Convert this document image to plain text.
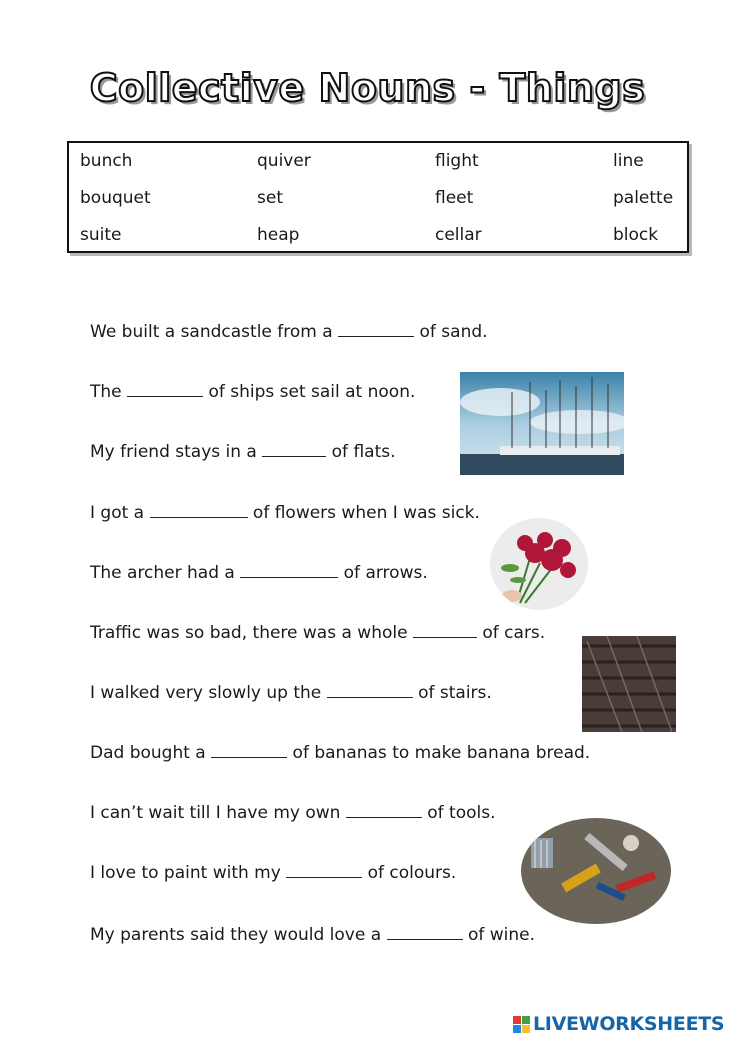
Collective Nouns - Things
bunch	quiver	flight	line
bouquet	set	fleet	palette
suite	heap	cellar	block
We built a sandcastle from a	of sand.
The	of ships set sail at noon.
My friend stays in a	of flats.
I got a	of flowers when I was sick.
The archer had a	of arrows.
Traffic was so bad, there was a whole	of cars.
I walked very slowly up the	of stairs.
Dad bought a	of bananas to make banana bread.
I can’t wait till I have my own	of tools.
I love to paint with my	of colours.
My parents said they would love a	of wine.
LIVEWORKSHEETS
